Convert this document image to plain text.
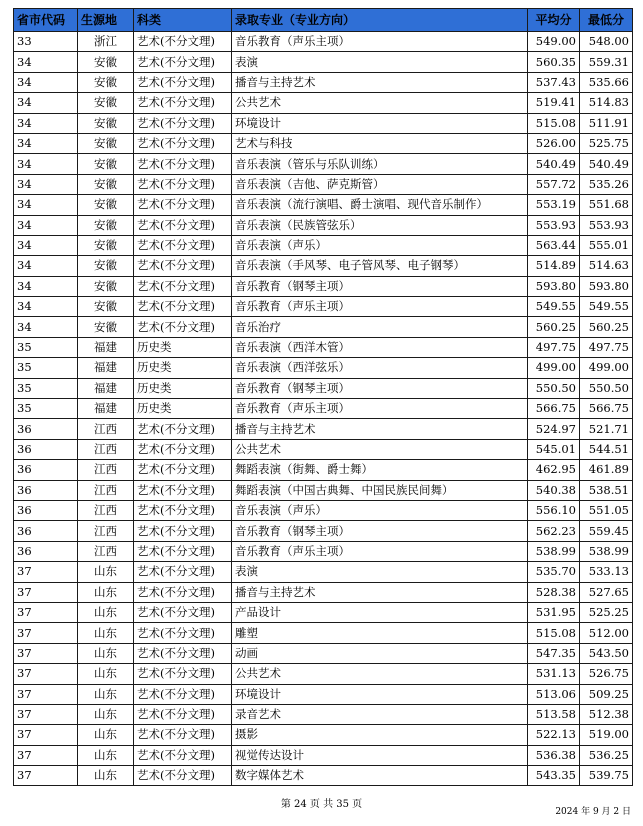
省市代码	生源地	科类	录取专业（专业方向）	平均分	最低分
33	浙江	艺术(不分文理)	音乐教育（声乐主项）	549.00	548.00
34	安徽	艺术(不分文理)	表演	560.35	559.31
34	安徽	艺术(不分文理)	播音与主持艺术	537.43	535.66
34	安徽	艺术(不分文理)	公共艺术	519.41	514.83
34	安徽	艺术(不分文理)	环境设计	515.08	511.91
34	安徽	艺术(不分文理)	艺术与科技	526.00	525.75
34	安徽	艺术(不分文理)	音乐表演（管乐与乐队训练）	540.49	540.49
34	安徽	艺术(不分文理)	音乐表演（吉他、萨克斯管）	557.72	535.26
34	安徽	艺术(不分文理)	音乐表演（流行演唱、爵士演唱、现代音乐制作）	553.19	551.68
34	安徽	艺术(不分文理)	音乐表演（民族管弦乐）	553.93	553.93
34	安徽	艺术(不分文理)	音乐表演（声乐）	563.44	555.01
34	安徽	艺术(不分文理)	音乐表演（手风琴、电子管风琴、电子钢琴）	514.89	514.63
34	安徽	艺术(不分文理)	音乐教育（钢琴主项）	593.80	593.80
34	安徽	艺术(不分文理)	音乐教育（声乐主项）	549.55	549.55
34	安徽	艺术(不分文理)	音乐治疗	560.25	560.25
35	福建	历史类	音乐表演（西洋木管）	497.75	497.75
35	福建	历史类	音乐表演（西洋弦乐）	499.00	499.00
35	福建	历史类	音乐教育（钢琴主项）	550.50	550.50
35	福建	历史类	音乐教育（声乐主项）	566.75	566.75
36	江西	艺术(不分文理)	播音与主持艺术	524.97	521.71
36	江西	艺术(不分文理)	公共艺术	545.01	544.51
36	江西	艺术(不分文理)	舞蹈表演（街舞、爵士舞）	462.95	461.89
36	江西	艺术(不分文理)	舞蹈表演（中国古典舞、中国民族民间舞）	540.38	538.51
36	江西	艺术(不分文理)	音乐表演（声乐）	556.10	551.05
36	江西	艺术(不分文理)	音乐教育（钢琴主项）	562.23	559.45
36	江西	艺术(不分文理)	音乐教育（声乐主项）	538.99	538.99
37	山东	艺术(不分文理)	表演	535.70	533.13
37	山东	艺术(不分文理)	播音与主持艺术	528.38	527.65
37	山东	艺术(不分文理)	产品设计	531.95	525.25
37	山东	艺术(不分文理)	雕塑	515.08	512.00
37	山东	艺术(不分文理)	动画	547.35	543.50
37	山东	艺术(不分文理)	公共艺术	531.13	526.75
37	山东	艺术(不分文理)	环境设计	513.06	509.25
37	山东	艺术(不分文理)	录音艺术	513.58	512.38
37	山东	艺术(不分文理)	摄影	522.13	519.00
37	山东	艺术(不分文理)	视觉传达设计	536.38	536.25
37	山东	艺术(不分文理)	数字媒体艺术	543.35	539.75
第 24 页 共 35 页
2024 年 9 月 2 日
